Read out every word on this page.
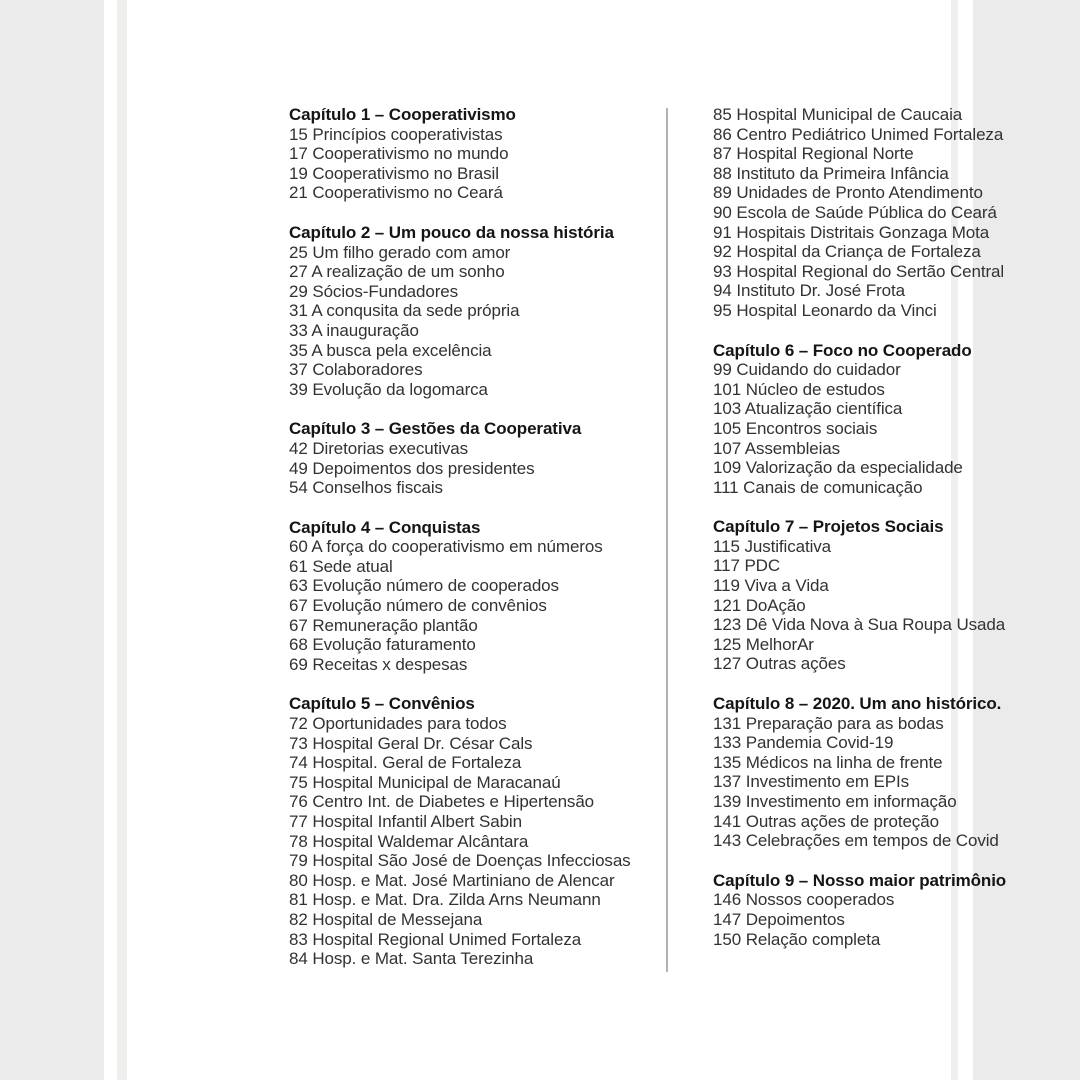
Capítulo 1 – Cooperativismo
15 Princípios cooperativistas
17 Cooperativismo no mundo
19 Cooperativismo no Brasil
21 Cooperativismo no Ceará
Capítulo 2 – Um pouco da nossa história
25 Um filho gerado com amor
27 A realização de um sonho
29 Sócios-Fundadores
31 A conqusita da sede própria
33 A inauguração
35 A busca pela excelência
37 Colaboradores
39 Evolução da logomarca
Capítulo 3 – Gestões da Cooperativa
42 Diretorias executivas
49 Depoimentos dos presidentes
54 Conselhos fiscais
Capítulo 4 – Conquistas
60 A força do cooperativismo em números
61 Sede atual
63 Evolução número de cooperados
67 Evolução número de convênios
67 Remuneração plantão
68 Evolução faturamento
69 Receitas x despesas
Capítulo 5 – Convênios
72 Oportunidades para todos
73 Hospital Geral Dr. César Cals
74 Hospital. Geral de Fortaleza
75 Hospital Municipal de Maracanaú
76 Centro Int. de Diabetes e Hipertensão
77 Hospital Infantil Albert Sabin
78 Hospital Waldemar Alcântara
79 Hospital São José de Doenças Infecciosas
80 Hosp. e Mat. José Martiniano de Alencar
81 Hosp. e Mat. Dra. Zilda Arns Neumann
82 Hospital de Messejana
83 Hospital Regional Unimed Fortaleza
84 Hosp. e Mat. Santa Terezinha
85 Hospital Municipal de Caucaia
86 Centro Pediátrico Unimed Fortaleza
87 Hospital Regional Norte
88 Instituto da Primeira Infância
89 Unidades de Pronto Atendimento
90 Escola de Saúde Pública do Ceará
91 Hospitais Distritais Gonzaga Mota
92 Hospital da Criança de Fortaleza
93 Hospital Regional do Sertão Central
94 Instituto Dr. José Frota
95 Hospital Leonardo da Vinci
Capítulo 6 – Foco no Cooperado
99 Cuidando do cuidador
101 Núcleo de estudos
103 Atualização científica
105 Encontros sociais
107 Assembleias
109 Valorização da especialidade
111 Canais de comunicação
Capítulo 7 – Projetos Sociais
115 Justificativa
117 PDC
119 Viva a Vida
121 DoAção
123 Dê Vida Nova à Sua Roupa Usada
125 MelhorAr
127 Outras ações
Capítulo 8 – 2020. Um ano histórico.
131 Preparação para as bodas
133 Pandemia Covid-19
135 Médicos na linha de frente
137 Investimento em EPIs
139 Investimento em informação
141 Outras ações de proteção
143 Celebrações em tempos de Covid
Capítulo 9 – Nosso maior patrimônio
146 Nossos cooperados
147 Depoimentos
150 Relação completa
